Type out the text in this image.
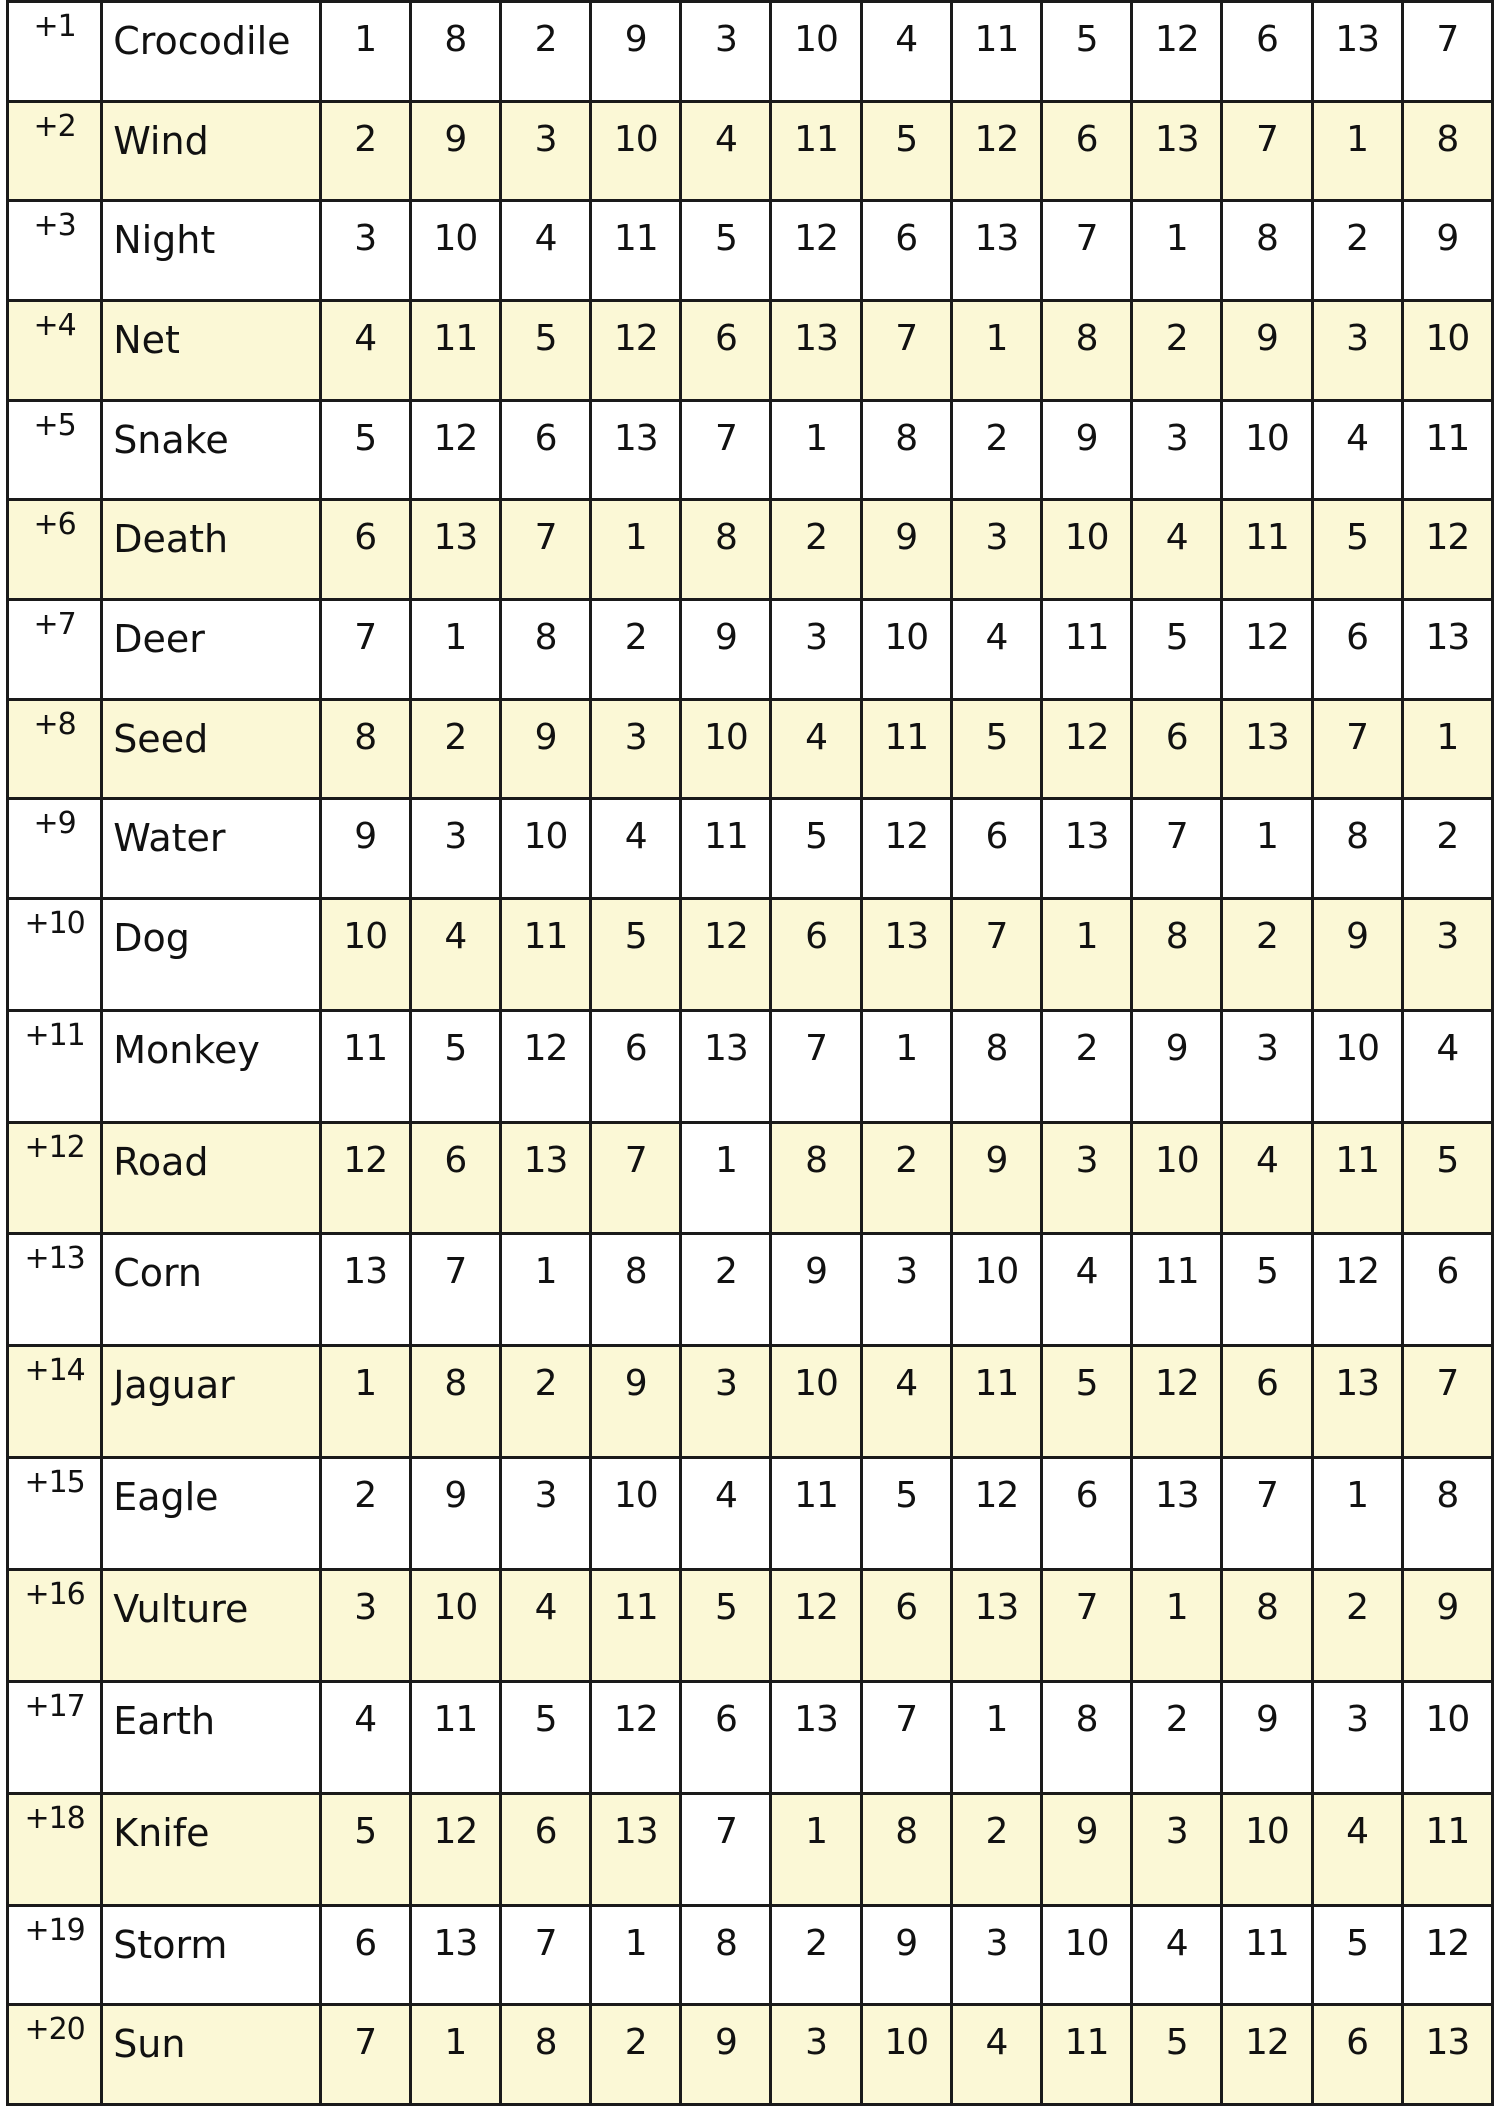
+1	Crocodile	1	8	2	9	3	10	4	11	5	12	6	13	7
+2	Wind	2	9	3	10	4	11	5	12	6	13	7	1	8
+3	Night	3	10	4	11	5	12	6	13	7	1	8	2	9
+4	Net	4	11	5	12	6	13	7	1	8	2	9	3	10
+5	Snake	5	12	6	13	7	1	8	2	9	3	10	4	11
+6	Death	6	13	7	1	8	2	9	3	10	4	11	5	12
+7	Deer	7	1	8	2	9	3	10	4	11	5	12	6	13
+8	Seed	8	2	9	3	10	4	11	5	12	6	13	7	1
+9	Water	9	3	10	4	11	5	12	6	13	7	1	8	2
+10	Dog	10	4	11	5	12	6	13	7	1	8	2	9	3
+11	Monkey	11	5	12	6	13	7	1	8	2	9	3	10	4
+12	Road	12	6	13	7	1	8	2	9	3	10	4	11	5
+13	Corn	13	7	1	8	2	9	3	10	4	11	5	12	6
+14	Jaguar	1	8	2	9	3	10	4	11	5	12	6	13	7
+15	Eagle	2	9	3	10	4	11	5	12	6	13	7	1	8
+16	Vulture	3	10	4	11	5	12	6	13	7	1	8	2	9
+17	Earth	4	11	5	12	6	13	7	1	8	2	9	3	10
+18	Knife	5	12	6	13	7	1	8	2	9	3	10	4	11
+19	Storm	6	13	7	1	8	2	9	3	10	4	11	5	12
+20	Sun	7	1	8	2	9	3	10	4	11	5	12	6	13
